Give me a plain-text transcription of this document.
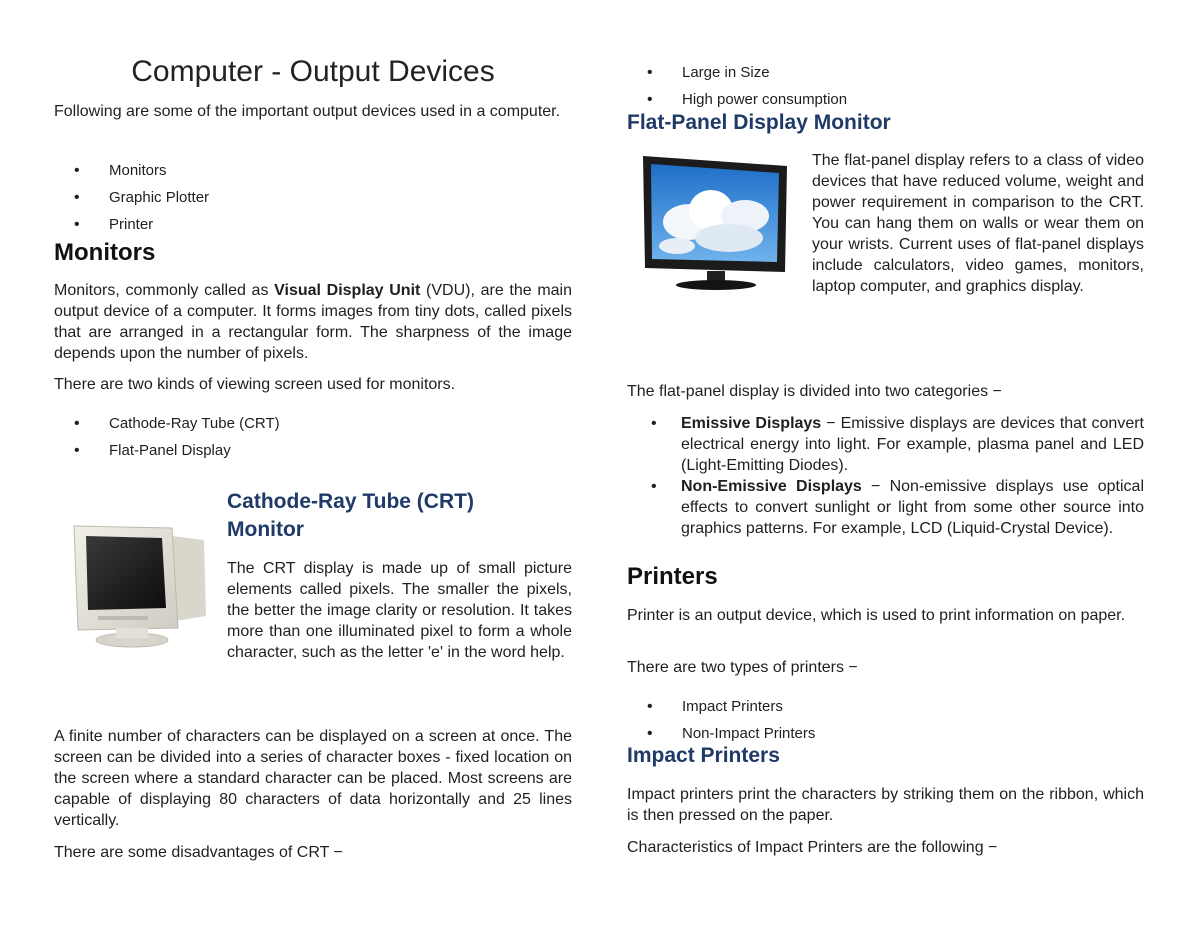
Computer - Output Devices

Following are some of the important output devices used in a computer.

• Monitors
• Graphic Plotter
• Printer
Monitors

Monitors, commonly called as Visual Display Unit (VDU), are the main output device of a computer. It forms images from tiny dots, called pixels that are arranged in a rectangular form. The sharpness of the image depends upon the number of pixels.

There are two kinds of viewing screen used for monitors.

• Cathode-Ray Tube (CRT)
• Flat-Panel Display
Cathode-Ray Tube (CRT)
Monitor

The CRT display is made up of small picture elements called pixels. The smaller the pixels, the better the image clarity or resolution. It takes more than one illuminated pixel to form a whole character, such as the letter 'e' in the word help.

A finite number of characters can be displayed on a screen at once. The screen can be divided into a series of character boxes - fixed location on the screen where a standard character can be placed. Most screens are capable of displaying 80 characters of data horizontally and 25 lines vertically.

There are some disadvantages of CRT −

• Large in Size
• High power consumption
Flat-Panel Display Monitor

The flat-panel display refers to a class of video devices that have reduced volume, weight and power requirement in comparison to the CRT. You can hang them on walls or wear them on your wrists. Current uses of flat-panel displays include calculators, video games, monitors, laptop computer, and graphics display.

The flat-panel display is divided into two categories −

• Emissive Displays − Emissive displays are devices that convert electrical energy into light. For example, plasma panel and LED (Light-Emitting Diodes).
• Non-Emissive Displays − Non-emissive displays use optical effects to convert sunlight or light from some other source into graphics patterns. For example, LCD (Liquid-Crystal Device).
Printers

Printer is an output device, which is used to print information on paper.

There are two types of printers −

• Impact Printers
• Non-Impact Printers
Impact Printers

Impact printers print the characters by striking them on the ribbon, which is then pressed on the paper.

Characteristics of Impact Printers are the following −
